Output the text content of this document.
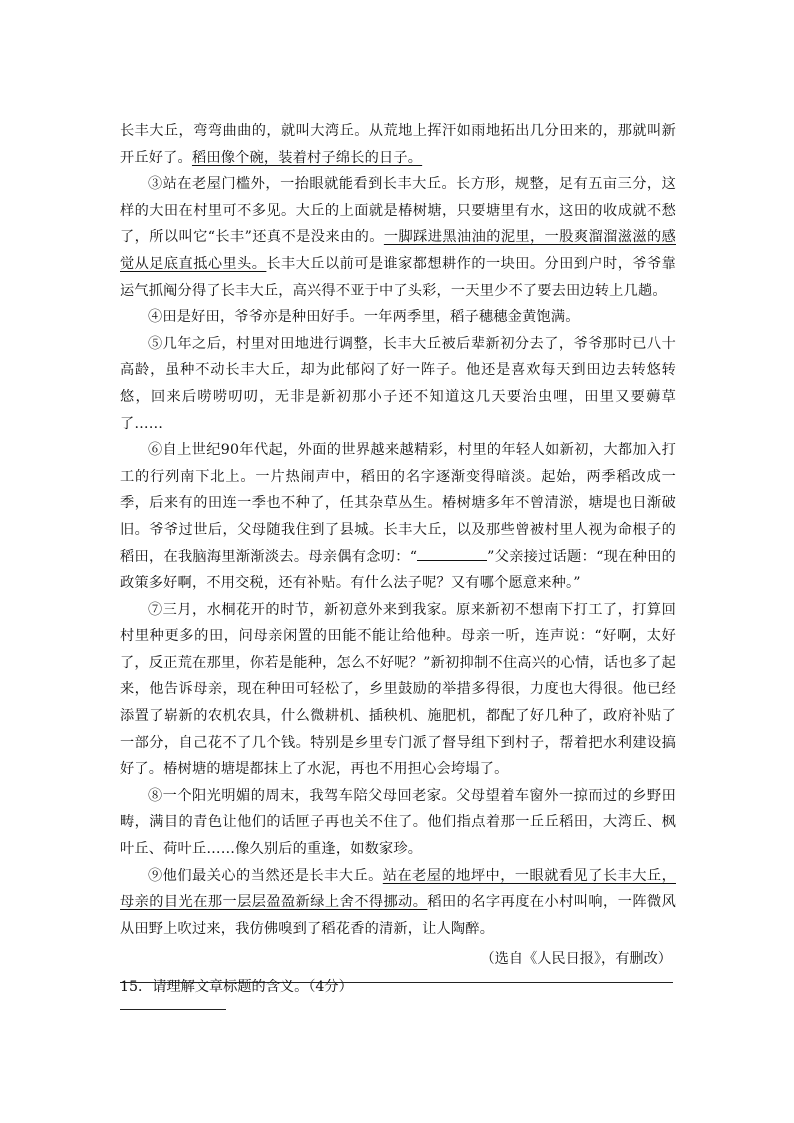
长丰大丘，弯弯曲曲的，就叫大湾丘。从荒地上挥汗如雨地拓出几分田来的，那就叫新开丘好了。稻田像个碗，装着村子绵长的日子。

③站在老屋门槛外，一抬眼就能看到长丰大丘。长方形，规整，足有五亩三分，这样的大田在村里可不多见。大丘的上面就是椿树塘，只要塘里有水，这田的收成就不愁了，所以叫它“长丰”还真不是没来由的。一脚踩进黑油油的泥里，一股爽溜溜滋滋的感觉从足底直抵心里头。长丰大丘以前可是谁家都想耕作的一块田。分田到户时，爷爷靠运气抓阄分得了长丰大丘，高兴得不亚于中了头彩，一天里少不了要去田边转上几趟。

④田是好田，爷爷亦是种田好手。一年两季里，稻子穗穗金黄饱满。

⑤几年之后，村里对田地进行调整，长丰大丘被后辈新初分去了，爷爷那时已八十高龄，虽种不动长丰大丘，却为此郁闷了好一阵子。他还是喜欢每天到田边去转悠转悠，回来后唠唠叨叨，无非是新初那小子还不知道这几天要治虫哩，田里又要薅草了……

⑥自上世纪90年代起，外面的世界越来越精彩，村里的年轻人如新初，大都加入打工的行列南下北上。一片热闹声中，稻田的名字逐渐变得暗淡。起始，两季稻改成一季，后来有的田连一季也不种了，任其杂草丛生。椿树塘多年不曾清淤，塘堤也日渐破旧。爷爷过世后，父母随我住到了县城。长丰大丘，以及那些曾被村里人视为命根子的稻田，在我脑海里渐渐淡去。母亲偶有念叨：“	”父亲接过话题：“现在种田的政策多好啊，不用交税，还有补贴。有什么法子呢？又有哪个愿意来种。”

⑦三月，水桐花开的时节，新初意外来到我家。原来新初不想南下打工了，打算回村里种更多的田，问母亲闲置的田能不能让给他种。母亲一听，连声说：“好啊，太好了，反正荒在那里，你若是能种，怎么不好呢？”新初抑制不住高兴的心情，话也多了起来，他告诉母亲，现在种田可轻松了，乡里鼓励的举措多得很，力度也大得很。他已经添置了崭新的农机农具，什么微耕机、插秧机、施肥机，都配了好几种了，政府补贴了一部分，自己花不了几个钱。特别是乡里专门派了督导组下到村子，帮着把水利建设搞好了。椿树塘的塘堤都抹上了水泥，再也不用担心会垮塌了。

⑧一个阳光明媚的周末，我驾车陪父母回老家。父母望着车窗外一掠而过的乡野田畴，满目的青色让他们的话匣子再也关不住了。他们指点着那一丘丘稻田，大湾丘、枫叶丘、荷叶丘……像久别后的重逢，如数家珍。

⑨他们最关心的当然还是长丰大丘。站在老屋的地坪中，一眼就看见了长丰大丘，母亲的目光在那一层层盈盈新绿上舍不得挪动。稻田的名字再度在小村叫响，一阵微风从田野上吹过来，我仿佛嗅到了稻花香的清新，让人陶醉。

（选自《人民日报》，有删改）

15．请理解文章标题的含义。（4分）
